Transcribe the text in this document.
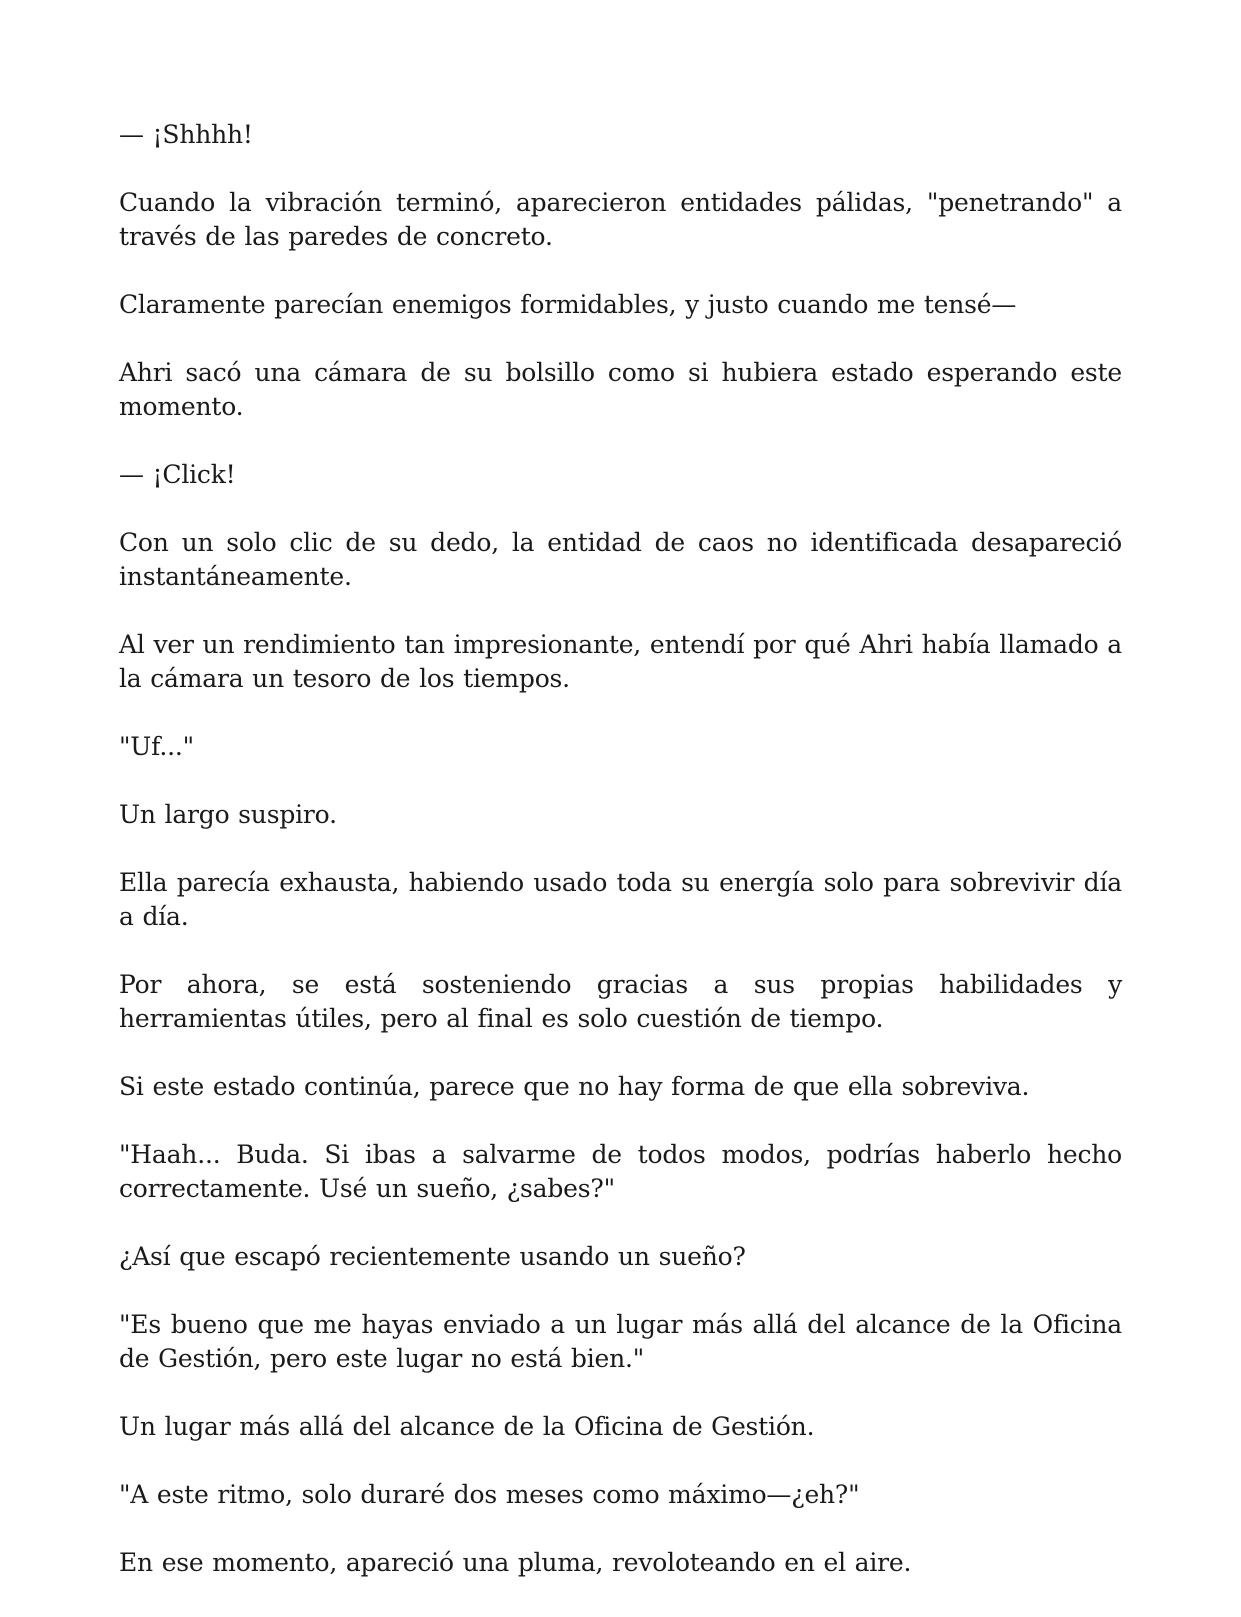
— ¡Shhhh!

Cuando la vibración terminó, aparecieron entidades pálidas, "penetrando" a través de las paredes de concreto.

Claramente parecían enemigos formidables, y justo cuando me tensé—

Ahri sacó una cámara de su bolsillo como si hubiera estado esperando este momento.

— ¡Click!

Con un solo clic de su dedo, la entidad de caos no identificada desapareció instantáneamente.

Al ver un rendimiento tan impresionante, entendí por qué Ahri había llamado a la cámara un tesoro de los tiempos.

"Uf..."

Un largo suspiro.

Ella parecía exhausta, habiendo usado toda su energía solo para sobrevivir día a día.

Por ahora, se está sosteniendo gracias a sus propias habilidades y herramientas útiles, pero al final es solo cuestión de tiempo.

Si este estado continúa, parece que no hay forma de que ella sobreviva.

"Haah... Buda. Si ibas a salvarme de todos modos, podrías haberlo hecho correctamente. Usé un sueño, ¿sabes?"

¿Así que escapó recientemente usando un sueño?

"Es bueno que me hayas enviado a un lugar más allá del alcance de la Oficina de Gestión, pero este lugar no está bien."

Un lugar más allá del alcance de la Oficina de Gestión.

"A este ritmo, solo duraré dos meses como máximo—¿eh?"

En ese momento, apareció una pluma, revoloteando en el aire.
